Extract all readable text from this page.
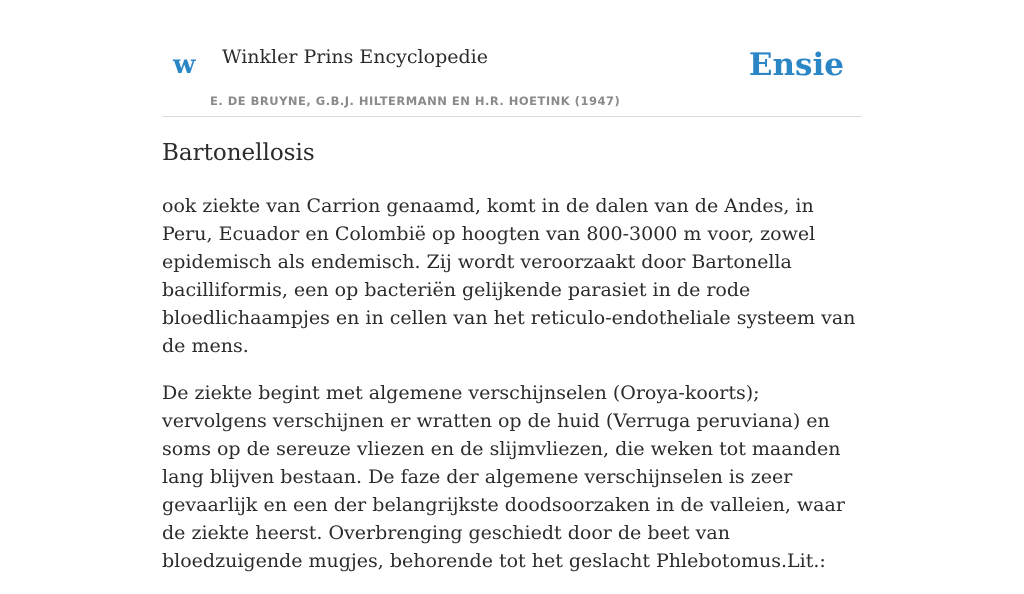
w Winkler Prins Encyclopedie
E. DE BRUYNE, G.B.J. HILTERMANN EN H.R. HOETINK (1947)
Ensie
Bartonellosis

ook ziekte van Carrion genaamd, komt in de dalen van de Andes, in Peru, Ecuador en Colombië op hoogten van 800-3000 m voor, zowel epidemisch als endemisch. Zij wordt veroorzaakt door Bartonella bacilliformis, een op bacteriën gelijkende parasiet in de rode bloedlichaampjes en in cellen van het reticulo-endotheliale systeem van de mens.

De ziekte begint met algemene verschijnselen (Oroya-koorts); vervolgens verschijnen er wratten op de huid (Verruga peruviana) en soms op de sereuze vliezen en de slijmvliezen, die weken tot maanden lang blijven bestaan. De faze der algemene verschijnselen is zeer gevaarlijk en een der belangrijkste doodsoorzaken in de valleien, waar de ziekte heerst. Overbrenging geschiedt door de beet van bloedzuigende mugjes, behorende tot het geslacht Phlebotomus.Lit.:
